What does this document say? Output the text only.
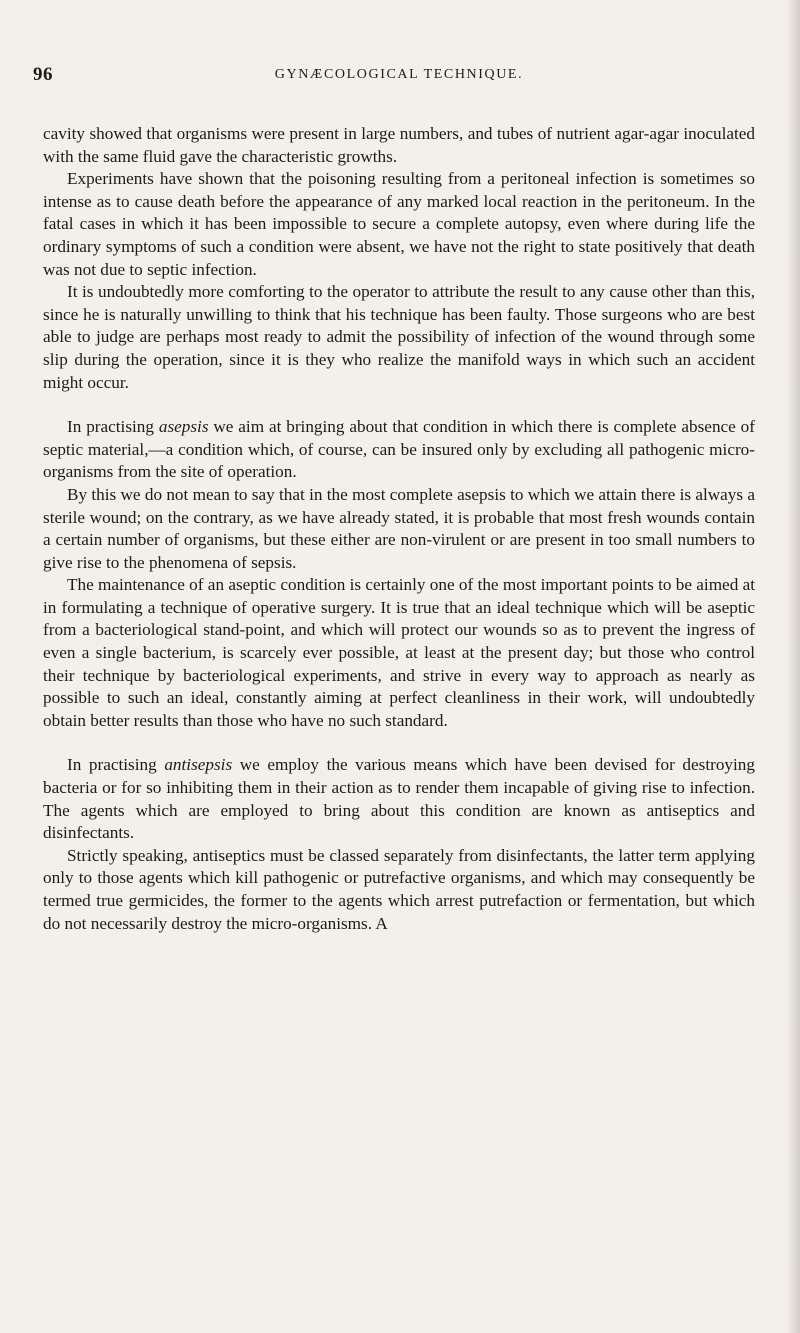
96	GYNÆCOLOGICAL TECHNIQUE.

cavity showed that organisms were present in large numbers, and tubes of nutrient agar-agar inoculated with the same fluid gave the characteristic growths.

Experiments have shown that the poisoning resulting from a peritoneal infection is sometimes so intense as to cause death before the appearance of any marked local reaction in the peritoneum. In the fatal cases in which it has been impossible to secure a complete autopsy, even where during life the ordinary symptoms of such a condition were absent, we have not the right to state positively that death was not due to septic infection.

It is undoubtedly more comforting to the operator to attribute the result to any cause other than this, since he is naturally unwilling to think that his technique has been faulty. Those surgeons who are best able to judge are perhaps most ready to admit the possibility of infection of the wound through some slip during the operation, since it is they who realize the manifold ways in which such an accident might occur.

In practising asepsis we aim at bringing about that condition in which there is complete absence of septic material,—a condition which, of course, can be insured only by excluding all pathogenic micro-organisms from the site of operation.

By this we do not mean to say that in the most complete asepsis to which we attain there is always a sterile wound; on the contrary, as we have already stated, it is probable that most fresh wounds contain a certain number of organisms, but these either are non-virulent or are present in too small numbers to give rise to the phenomena of sepsis.

The maintenance of an aseptic condition is certainly one of the most important points to be aimed at in formulating a technique of operative surgery. It is true that an ideal technique which will be aseptic from a bacteriological stand-point, and which will protect our wounds so as to prevent the ingress of even a single bacterium, is scarcely ever possible, at least at the present day; but those who control their technique by bacteriological experiments, and strive in every way to approach as nearly as possible to such an ideal, constantly aiming at perfect cleanliness in their work, will undoubtedly obtain better results than those who have no such standard.

In practising antisepsis we employ the various means which have been devised for destroying bacteria or for so inhibiting them in their action as to render them incapable of giving rise to infection. The agents which are employed to bring about this condition are known as antiseptics and disinfectants.

Strictly speaking, antiseptics must be classed separately from disinfectants, the latter term applying only to those agents which kill pathogenic or putrefactive organisms, and which may consequently be termed true germicides, the former to the agents which arrest putrefaction or fermentation, but which do not necessarily destroy the micro-organisms. A
